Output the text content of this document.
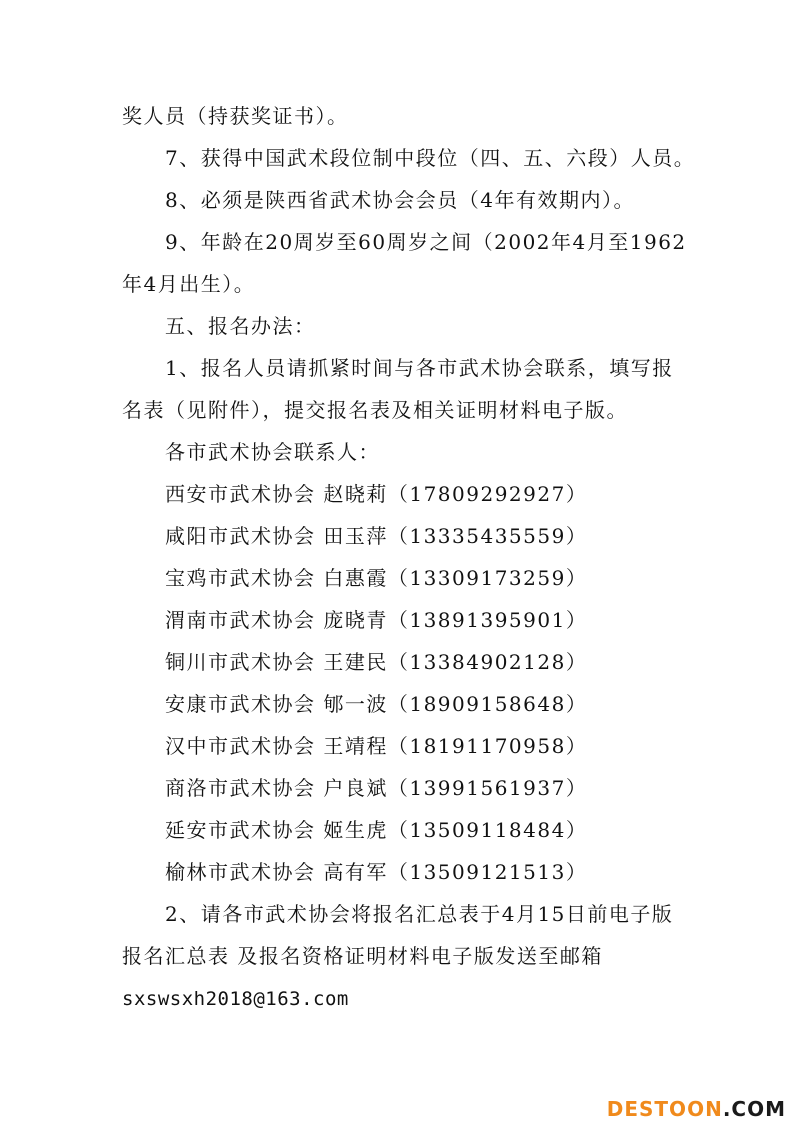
奖人员（持获奖证书）。
7、获得中国武术段位制中段位（四、五、六段）人员。
8、必须是陕西省武术协会会员（4年有效期内）。
9、年龄在20周岁至60周岁之间（2002年4月至1962
年4月出生）。
五、报名办法：
1、报名人员请抓紧时间与各市武术协会联系，填写报
名表（见附件），提交报名表及相关证明材料电子版。
各市武术协会联系人：
西安市武术协会 赵晓莉（17809292927）
咸阳市武术协会 田玉萍（13335435559）
宝鸡市武术协会 白惠霞（13309173259）
渭南市武术协会 庞晓青（13891395901）
铜川市武术协会 王建民（13384902128）
安康市武术协会 郇一波（18909158648）
汉中市武术协会 王靖程（18191170958）
商洛市武术协会 户良斌（13991561937）
延安市武术协会 姬生虎（13509118484）
榆林市武术协会 高有军（13509121513）
2、请各市武术协会将报名汇总表于4月15日前电子版
报名汇总表 及报名资格证明材料电子版发送至邮箱
sxswsxh2018@163.com
DESTOON.COM
